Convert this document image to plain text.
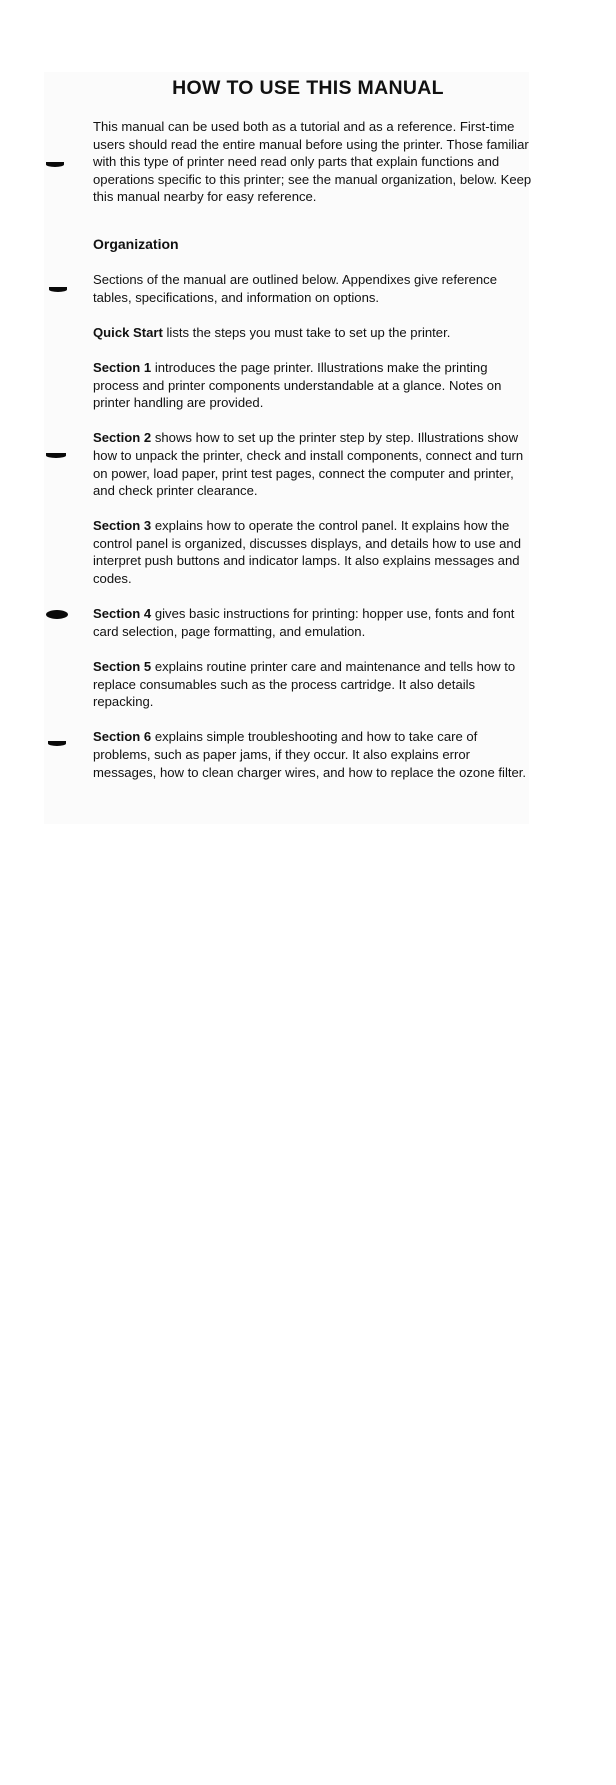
HOW TO USE THIS MANUAL

This manual can be used both as a tutorial and as a reference. First-time users should read the entire manual before using the printer. Those familiar with this type of printer need read only parts that explain functions and operations specific to this printer; see the manual organization, below. Keep this manual nearby for easy reference.

Organization

Sections of the manual are outlined below. Appendixes give reference tables, specifications, and information on options.

Quick Start lists the steps you must take to set up the printer.

Section 1 introduces the page printer. Illustrations make the printing process and printer components understandable at a glance. Notes on printer handling are provided.

Section 2 shows how to set up the printer step by step. Illustrations show how to unpack the printer, check and install components, connect and turn on power, load paper, print test pages, connect the computer and printer, and check printer clearance.

Section 3 explains how to operate the control panel. It explains how the control panel is organized, discusses displays, and details how to use and interpret push buttons and indicator lamps. It also explains messages and codes.

Section 4 gives basic instructions for printing: hopper use, fonts and font card selection, page formatting, and emulation.

Section 5 explains routine printer care and maintenance and tells how to replace consumables such as the process cartridge. It also details repacking.

Section 6 explains simple troubleshooting and how to take care of problems, such as paper jams, if they occur. It also explains error messages, how to clean charger wires, and how to replace the ozone filter.
